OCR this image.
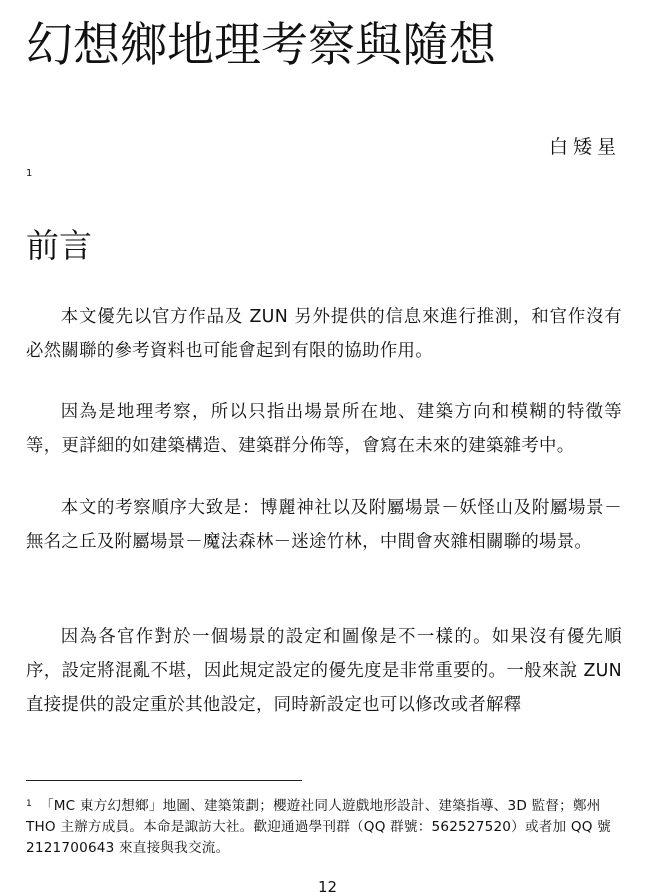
幻想鄉地理考察與隨想
白矮星
1
前言

本文優先以官方作品及 ZUN 另外提供的信息來進行推測，和官作沒有必然關聯的參考資料也可能會起到有限的協助作用。

因為是地理考察，所以只指出場景所在地、建築方向和模糊的特徵等等，更詳細的如建築構造、建築群分佈等，會寫在未來的建築雜考中。

本文的考察順序大致是：博麗神社以及附屬場景－妖怪山及附屬場景－無名之丘及附屬場景－魔法森林－迷途竹林，中間會夾雜相關聯的場景。

因為各官作對於一個場景的設定和圖像是不一樣的。如果沒有優先順序，設定將混亂不堪，因此規定設定的優先度是非常重要的。一般來說 ZUN 直接提供的設定重於其他設定，同時新設定也可以修改或者解釋

$^1$ 「MC 東方幻想鄉」地圖、建築策劃；櫻遊社同人遊戲地形設計、建築指導、3D 監督；鄭州 THO 主辦方成員。本命是諏訪大社。歡迎通過學刊群（QQ 群號：562527520）或者加 QQ 號 2121700643 來直接與我交流。

12
